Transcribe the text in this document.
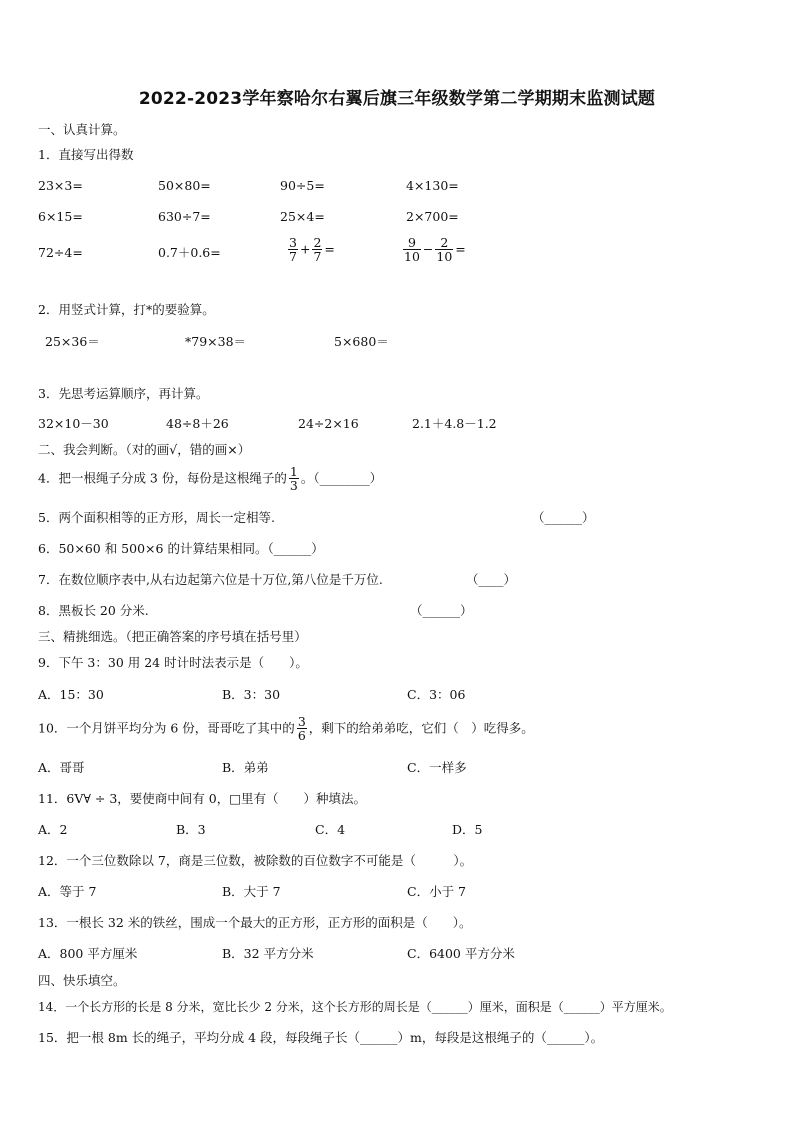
2022-2023学年察哈尔右翼后旗三年级数学第二学期期末监测试题
一、认真计算。
1．直接写出得数
23×3=	50×80=	90÷5=	4×130=
6×15=	630÷7=	25×4=	2×700=
72÷4=	0.7＋0.6=	$\frac{3}{7} + \frac{2}{7}$ =	$\frac{9}{10} - \frac{2}{10}$ =
2．用竖式计算，打*的要验算。
25×36＝	*79×38＝	5×680＝
3．先思考运算顺序，再计算。
32×10－30	48÷8＋26	24÷2×16	2.1＋4.8－1.2
二、我会判断。（对的画√，错的画×）
4．把一根绳子分成 3 份，每份是这根绳子的 $\frac{1}{3}$ 。（________）
5．两个面积相等的正方形，周长一定相等.	（______）
6．50×60 和 500×6 的计算结果相同。（______）
7．在数位顺序表中,从右边起第六位是十万位,第八位是千万位.	（____）
8．黑板长 20 分米.	（______）
三、精挑细选。（把正确答案的序号填在括号里）
9．下午 3：30 用 24 时计时法表示是（　　）。
A．15：30	B．3：30	C．3：06
10．一个月饼平均分为 6 份，哥哥吃了其中的 $\frac{3}{6}$ ，剩下的给弟弟吃，它们（　）吃得多。
A．哥哥	B．弟弟	C．一样多
11．6V∀ ÷ 3，要使商中间有 0，□里有（　　）种填法。
A．2	B．3	C．4	D．5
12．一个三位数除以 7，商是三位数，被除数的百位数字不可能是（　　　）。
A．等于 7	B．大于 7	C．小于 7
13．一根长 32 米的铁丝，围成一个最大的正方形，正方形的面积是（　　）。
A．800 平方厘米	B．32 平方分米	C．6400 平方分米
四、快乐填空。
14．一个长方形的长是 8 分米，宽比长少 2 分米，这个长方形的周长是（______）厘米，面积是（______）平方厘米。
15．把一根 8m 长的绳子，平均分成 4 段，每段绳子长（______）m，每段是这根绳子的（______）。
